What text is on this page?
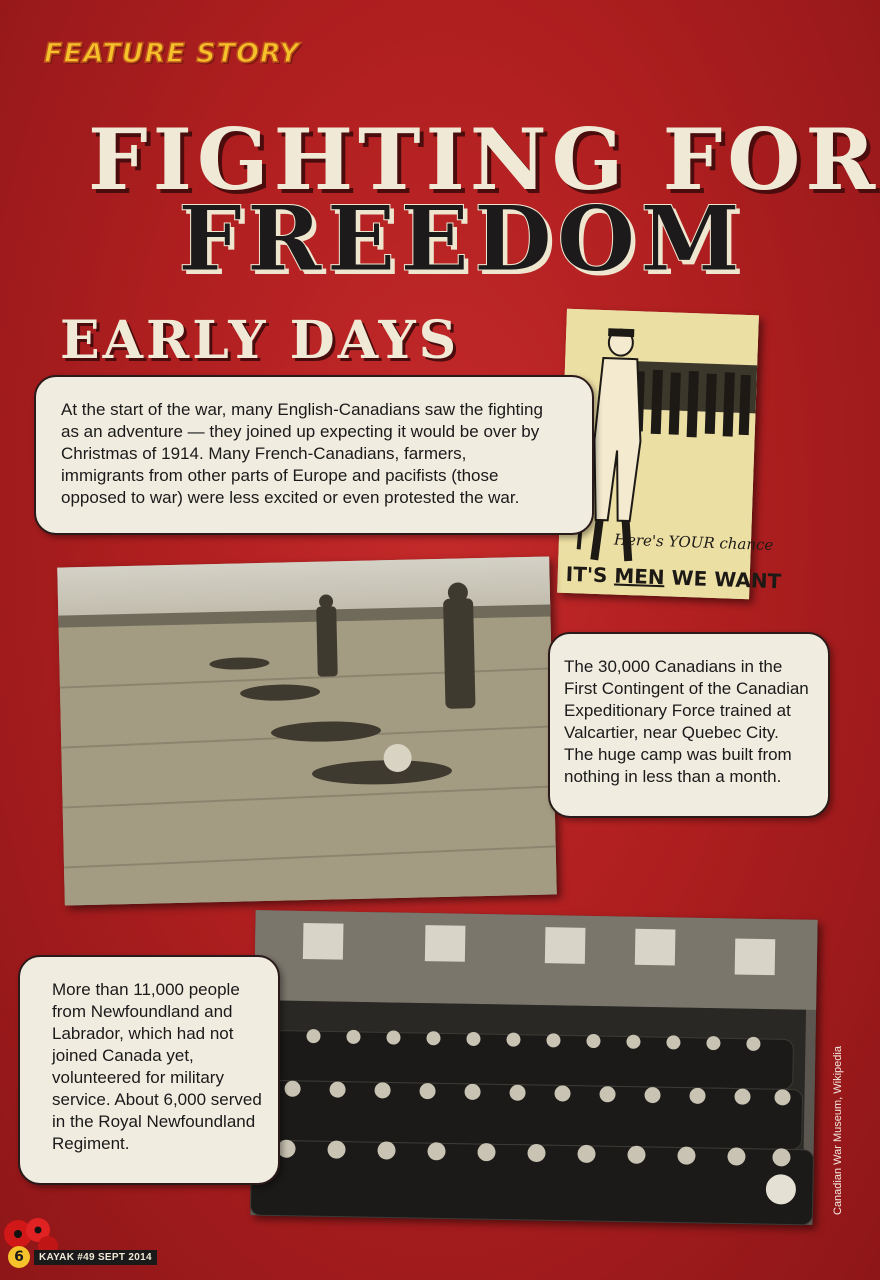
FEATURE STORY
FIGHTING FOR
FREEDOM
EARLY DAYS
Here's YOUR chance
IT'S MEN WE WANT
At the start of the war, many English-Canadians saw the fighting as an adventure — they joined up expecting it would be over by Christmas of 1914. Many French-Canadians, farmers, immigrants from other parts of Europe and pacifists (those opposed to war) were less excited or even protested the war.
The 30,000 Canadians in the First Contingent of the Canadian Expeditionary Force trained at Valcartier, near Quebec City. The huge camp was built from nothing in less than a month.
More than 11,000 people from Newfoundland and Labrador, which had not joined Canada yet, volunteered for military service. About 6,000 served in the Royal Newfoundland Regiment.	Canadian War Museum, Wikipedia
6	KAYAK #49 SEPT 2014
